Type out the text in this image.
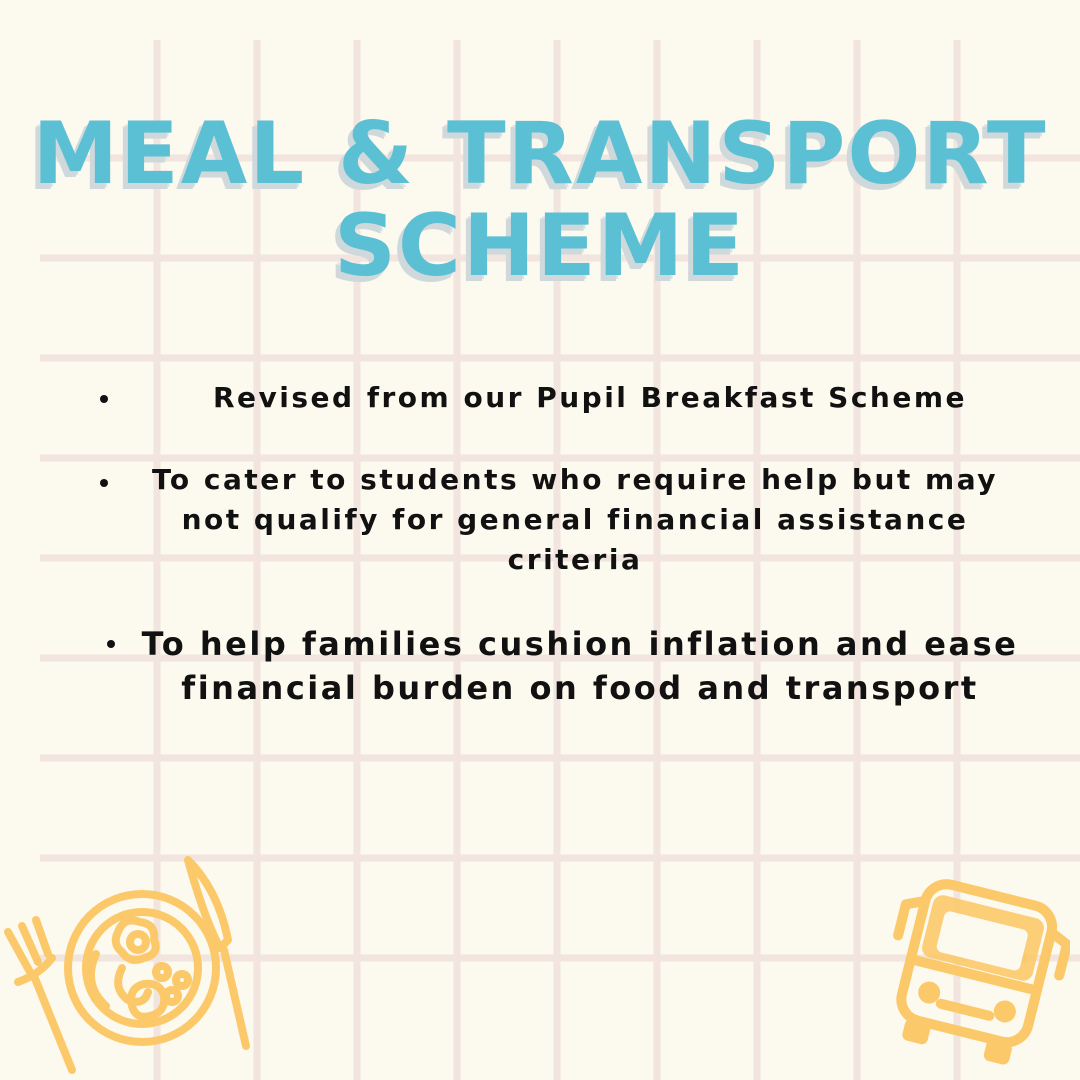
MEAL & TRANSPORT
SCHEME
Revised from our Pupil Breakfast Scheme
To cater to students who require help but may not qualify for general financial assistance criteria
To help families cushion inflation and ease financial burden on food and transport
